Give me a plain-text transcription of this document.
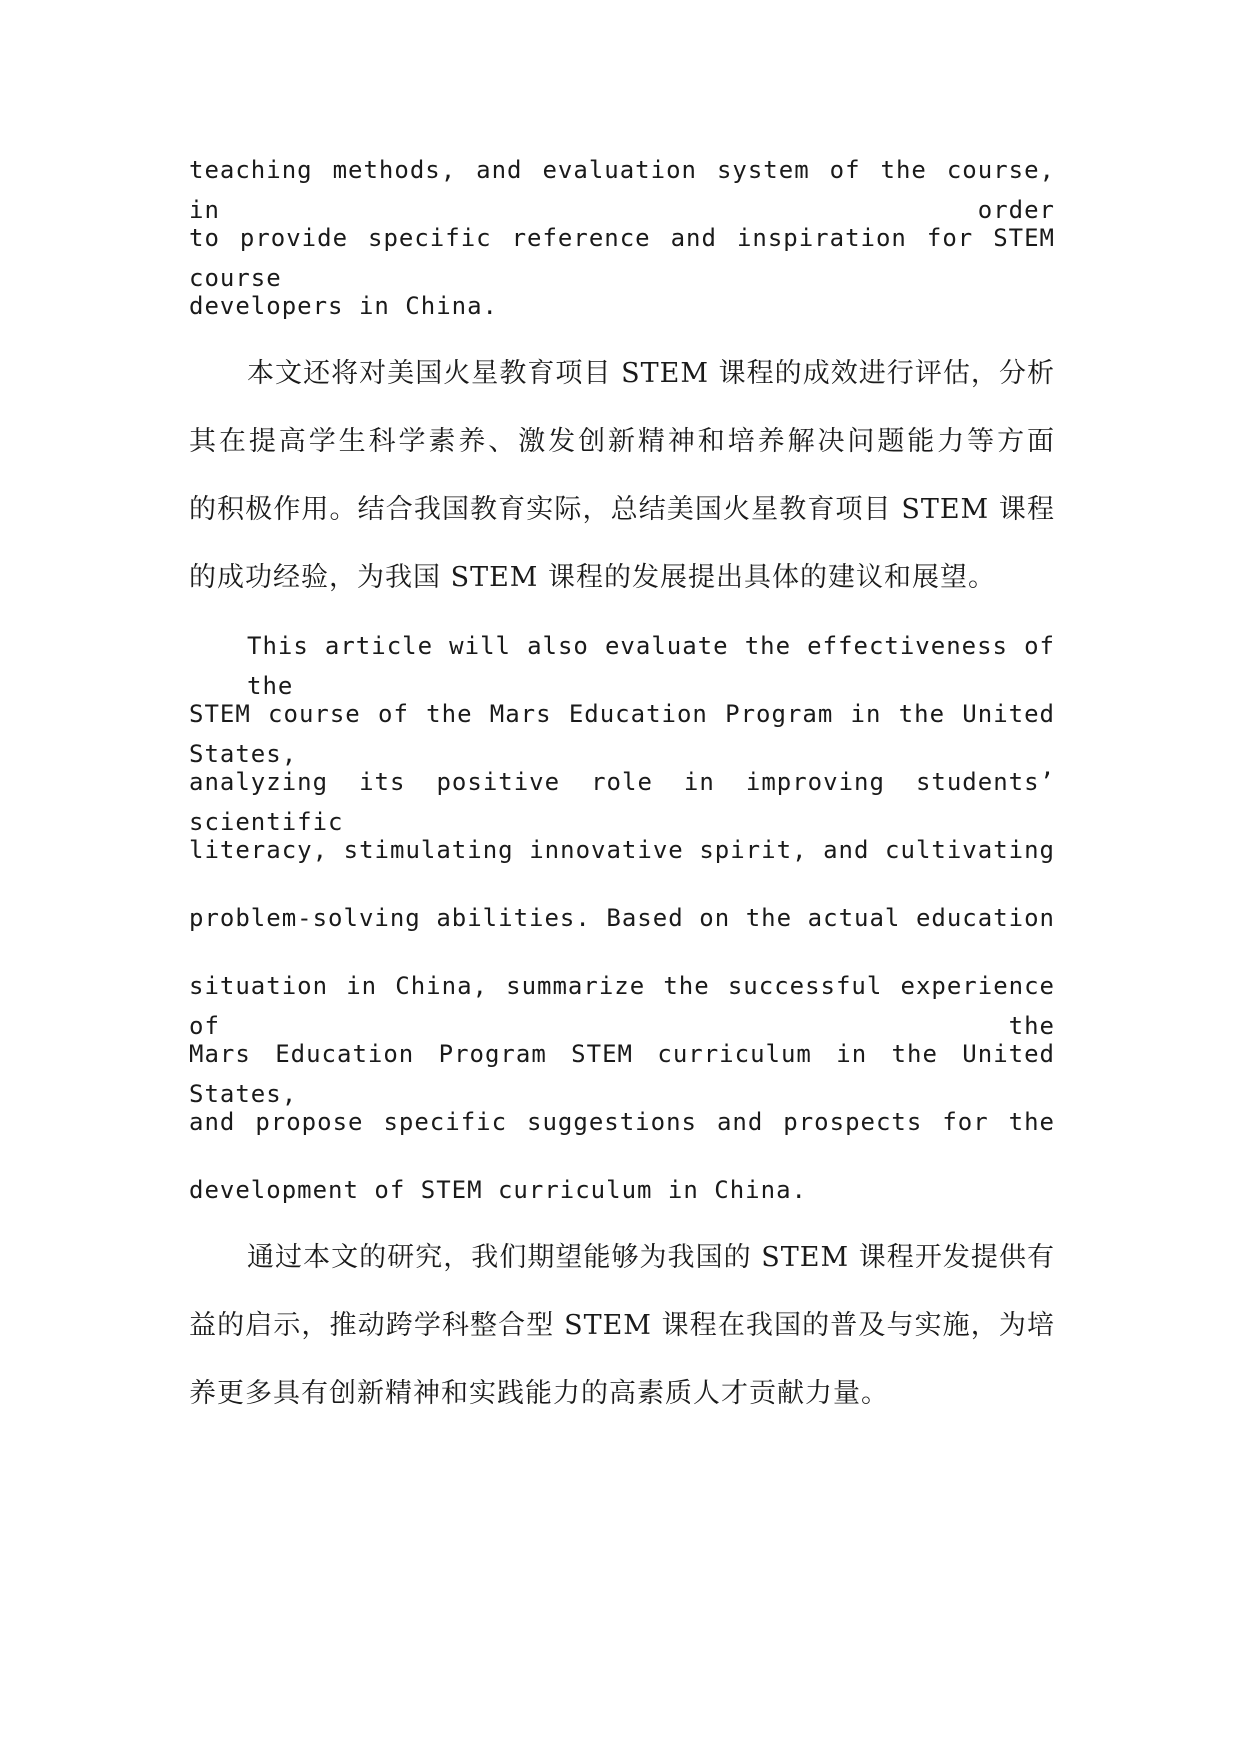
teaching methods, and evaluation system of the course, in order
to provide specific reference and inspiration for STEM course
developers in China.
本文还将对美国火星教育项目 STEM 课程的成效进行评估，分析
其在提高学生科学素养、激发创新精神和培养解决问题能力等方面
的积极作用。结合我国教育实际，总结美国火星教育项目 STEM 课程
的成功经验，为我国 STEM 课程的发展提出具体的建议和展望。
This article will also evaluate the effectiveness of the
STEM course of the Mars Education Program in the United States,
analyzing its positive role in improving students’ scientific
literacy, stimulating innovative spirit, and cultivating
problem-solving abilities. Based on the actual education
situation in China, summarize the successful experience of the
Mars Education Program STEM curriculum in the United States,
and propose specific suggestions and prospects for the
development of STEM curriculum in China.
通过本文的研究，我们期望能够为我国的 STEM 课程开发提供有
益的启示，推动跨学科整合型 STEM 课程在我国的普及与实施，为培
养更多具有创新精神和实践能力的高素质人才贡献力量。
